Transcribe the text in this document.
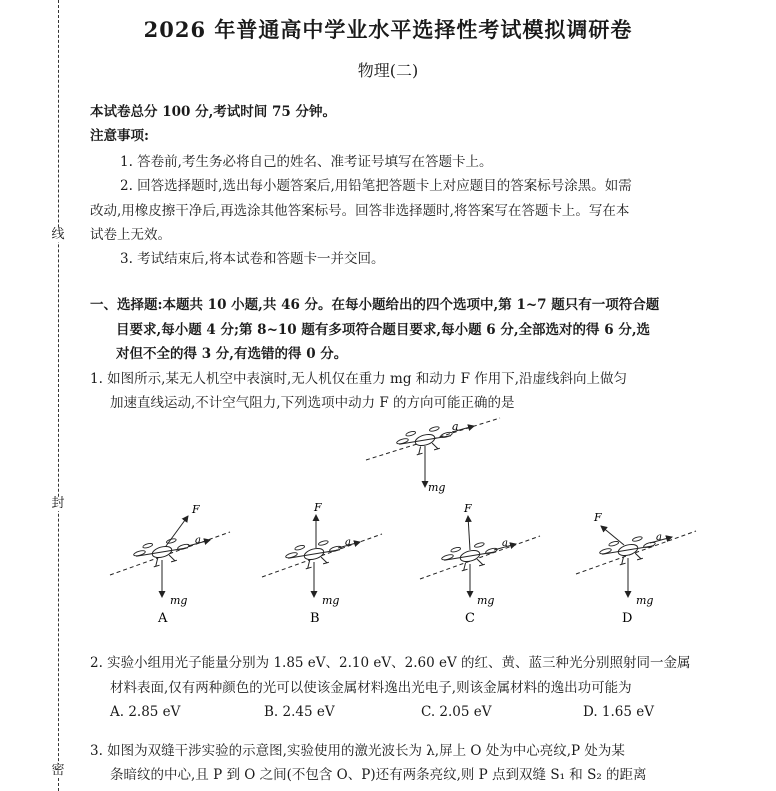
线
封
密
2026 年普通高中学业水平选择性考试模拟调研卷
物理(二)
本试卷总分 100 分,考试时间 75 分钟。
注意事项:
1. 答卷前,考生务必将自己的姓名、准考证号填写在答题卡上。
2. 回答选择题时,选出每小题答案后,用铅笔把答题卡上对应题目的答案标号涂黑。如需
改动,用橡皮擦干净后,再选涂其他答案标号。回答非选择题时,将答案写在答题卡上。写在本
试卷上无效。
3. 考试结束后,将本试卷和答题卡一并交回。
一、选择题:本题共 10 小题,共 46 分。在每小题给出的四个选项中,第 1~7 题只有一项符合题
目要求,每小题 4 分;第 8~10 题有多项符合题目要求,每小题 6 分,全部选对的得 6 分,选
对但不全的得 3 分,有选错的得 0 分。
1. 如图所示,某无人机空中表演时,无人机仅在重力 mg 和动力 F 作用下,沿虚线斜向上做匀
加速直线运动,不计空气阻力,下列选项中动力 F 的方向可能正确的是
a
mg
F
a
mg
F
a
mg
F
a
mg
F
a
mg
A	B	C	D
2. 实验小组用光子能量分别为 1.85 eV、2.10 eV、2.60 eV 的红、黄、蓝三种光分别照射同一金属
材料表面,仅有两种颜色的光可以使该金属材料逸出光电子,则该金属材料的逸出功可能为
A. 2.85 eV	B. 2.45 eV	C. 2.05 eV	D. 1.65 eV
3. 如图为双缝干涉实验的示意图,实验使用的激光波长为 λ,屏上 O 处为中心亮纹,P 处为某
条暗纹的中心,且 P 到 O 之间(不包含 O、P)还有两条亮纹,则 P 点到双缝 S₁ 和 S₂ 的距离
